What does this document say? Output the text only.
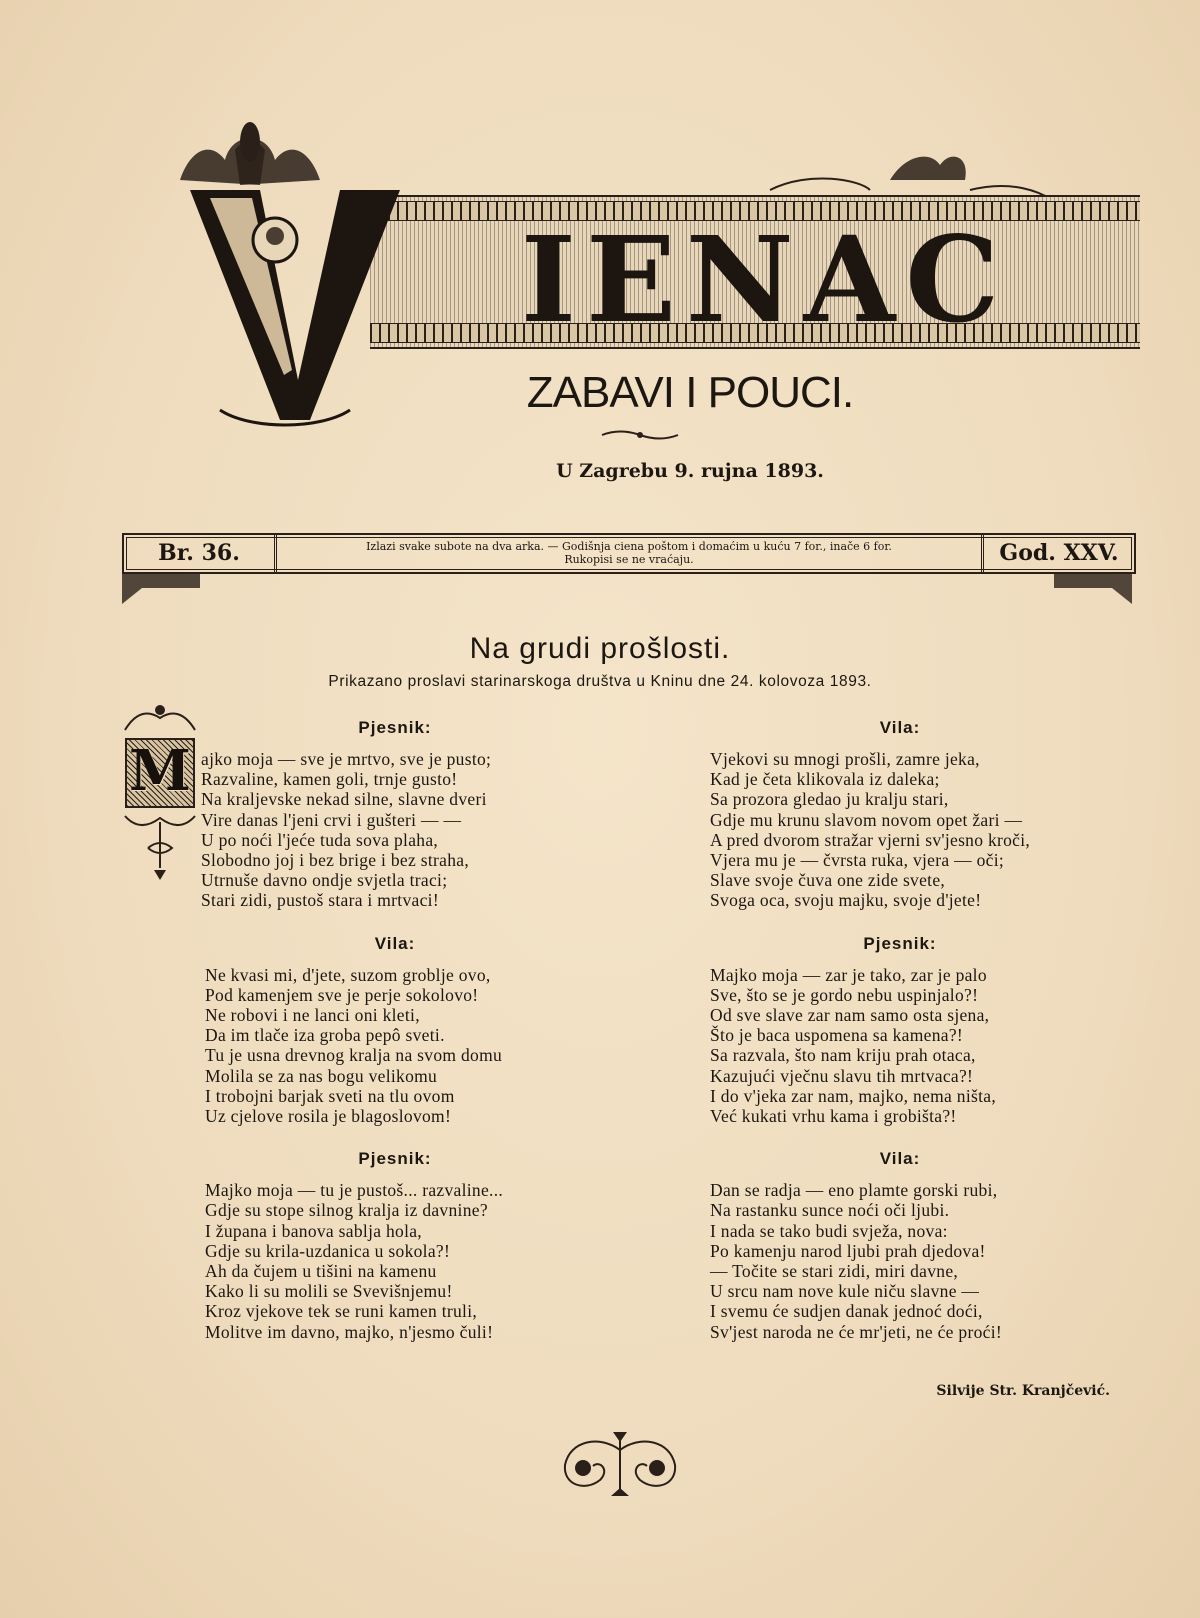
IENAC
ZABAVI I POUCI.
U Zagrebu 9. rujna 1893.
Br. 36.	Izlazi svake subote na dva arka. — Godišnja ciena poštom i domaćim u kuću 7 for., inače 6 for.
Rukopisi se ne vraćaju.	God. XXV.
Na grudi prošlosti.
Prikazano proslavi starinarskoga društva u Kninu dne 24. kolovoza 1893.
M
Pjesnik:
ajko moja — sve je mrtvo, sve je pusto;
Razvaline, kamen goli, trnje gusto!
Na kraljevske nekad silne, slavne dveri
Vire danas l'jeni crvi i gušteri — —
U po noći l'jeće tuda sova plaha,
Slobodno joj i bez brige i bez straha,
Utrnuše davno ondje svjetla traci;
Stari zidi, pustoš stara i mrtvaci!
Vila:
Ne kvasi mi, d'jete, suzom groblje ovo,
Pod kamenjem sve je perje sokolovo!
Ne robovi i ne lanci oni kleti,
Da im tlače iza groba pepô sveti.
Tu je usna drevnog kralja na svom domu
Molila se za nas bogu velikomu
I trobojni barjak sveti na tlu ovom
Uz cjelove rosila je blagoslovom!
Pjesnik:
Majko moja — tu je pustoš... razvaline...
Gdje su stope silnog kralja iz davnine?
I župana i banova sablja hola,
Gdje su krila-uzdanica u sokola?!
Ah da čujem u tišini na kamenu
Kako li su molili se Svevišnjemu!
Kroz vjekove tek se runi kamen truli,
Molitve im davno, majko, n'jesmo čuli!
Vila:
Vjekovi su mnogi prošli, zamre jeka,
Kad je četa klikovala iz daleka;
Sa prozora gledao ju kralju stari,
Gdje mu krunu slavom novom opet žari —
A pred dvorom stražar vjerni sv'jesno kroči,
Vjera mu je — čvrsta ruka, vjera — oči;
Slave svoje čuva one zide svete,
Svoga oca, svoju majku, svoje d'jete!
Pjesnik:
Majko moja — zar je tako, zar je palo
Sve, što se je gordo nebu uspinjalo?!
Od sve slave zar nam samo osta sjena,
Što je baca uspomena sa kamena?!
Sa razvala, što nam kriju prah otaca,
Kazujući vječnu slavu tih mrtvaca?!
I do v'jeka zar nam, majko, nema ništa,
Već kukati vrhu kama i grobišta?!
Vila:
Dan se radja — eno plamte gorski rubi,
Na rastanku sunce noći oči ljubi.
I nada se tako budi svježa, nova:
Po kamenju narod ljubi prah djedova!
— Točite se stari zidi, miri davne,
U srcu nam nove kule niču slavne —
I svemu će sudjen danak jednoć doći,
Sv'jest naroda ne će mr'jeti, ne će proći!
Silvije Str. Kranjčević.
